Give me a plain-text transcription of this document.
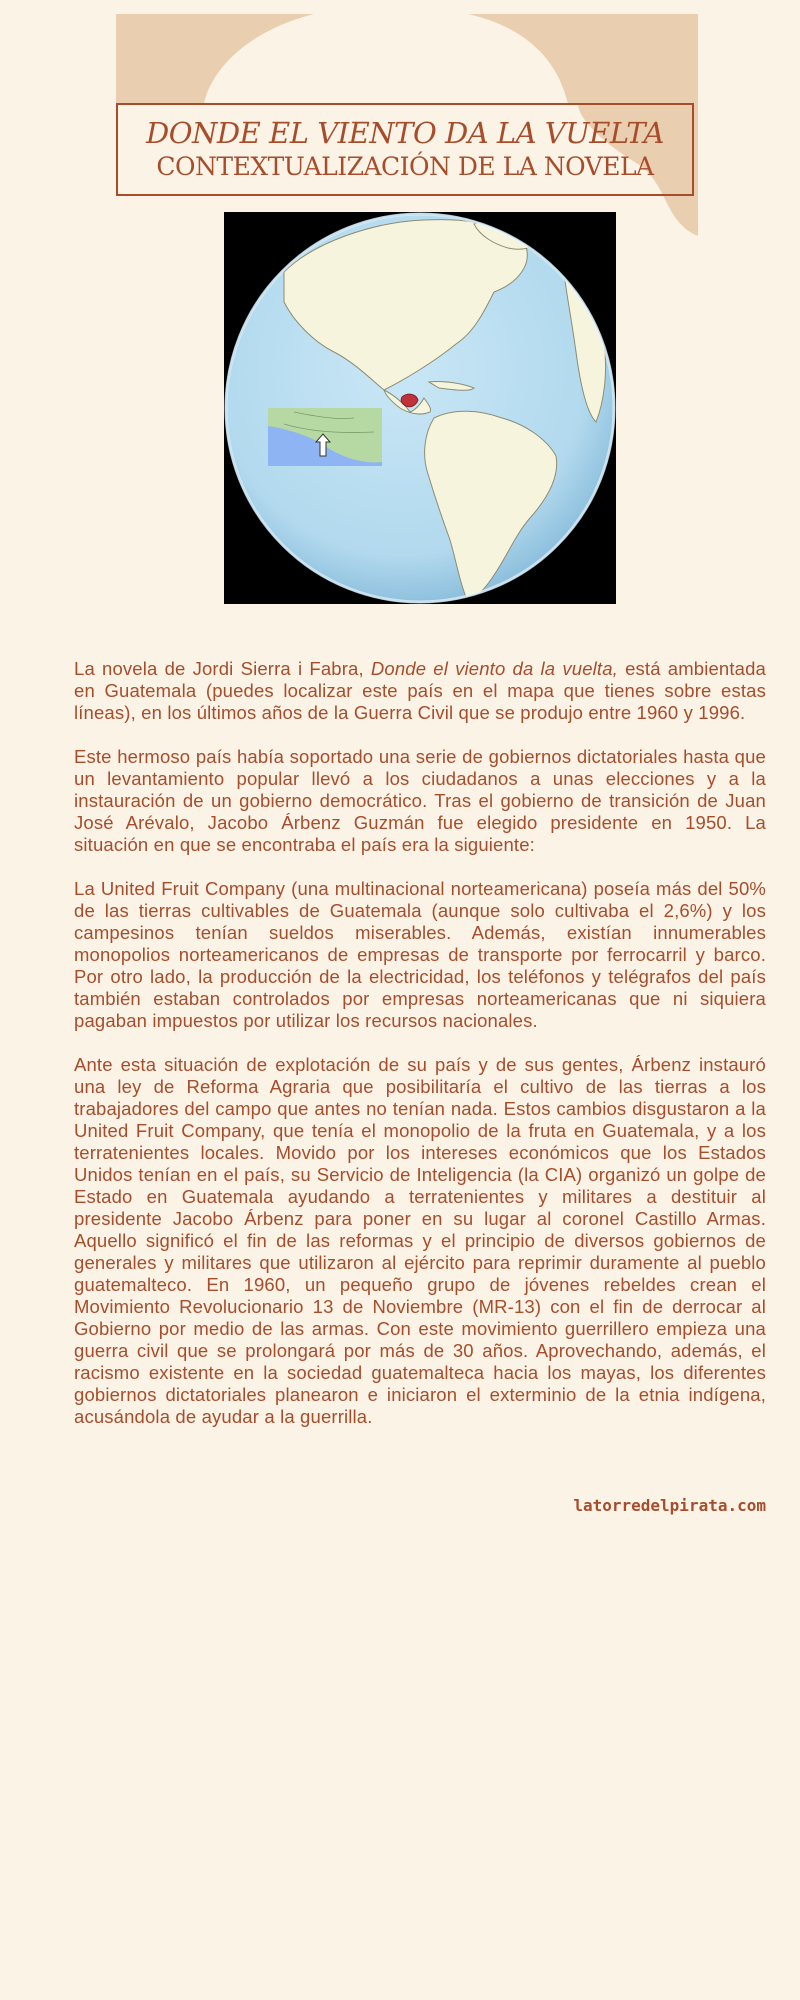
DONDE EL VIENTO DA LA VUELTA
CONTEXTUALIZACIÓN DE LA NOVELA

La novela de Jordi Sierra i Fabra, Donde el viento da la vuelta, está ambientada en Guatemala (puedes localizar este país en el mapa que tienes sobre estas líneas), en los últimos años de la Guerra Civil que se produjo entre 1960 y 1996.

Este hermoso país había soportado una serie de gobiernos dictatoriales hasta que un levantamiento popular llevó a los ciudadanos a unas elecciones y a la instauración de un gobierno democrático. Tras el gobierno de transición de Juan José Arévalo, Jacobo Árbenz Guzmán fue elegido presidente en 1950. La situación en que se encontraba el país era la siguiente:

La United Fruit Company (una multinacional norteamericana) poseía más del 50% de las tierras cultivables de Guatemala (aunque solo cultivaba el 2,6%) y los campesinos tenían sueldos miserables. Además, existían innumerables monopolios norteamericanos de empresas de transporte por ferrocarril y barco. Por otro lado, la producción de la electricidad, los teléfonos y telégrafos del país también estaban controlados por empresas norteamericanas que ni siquiera pagaban impuestos por utilizar los recursos nacionales.

Ante esta situación de explotación de su país y de sus gentes, Árbenz instauró una ley de Reforma Agraria que posibilitaría el cultivo de las tierras a los trabajadores del campo que antes no tenían nada. Estos cambios disgustaron a la United Fruit Company, que tenía el monopolio de la fruta en Guatemala, y a los terratenientes locales. Movido por los intereses económicos que los Estados Unidos tenían en el país, su Servicio de Inteligencia (la CIA) organizó un golpe de Estado en Guatemala ayudando a terratenientes y militares a destituir al presidente Jacobo Árbenz para poner en su lugar al coronel Castillo Armas. Aquello significó el fin de las reformas y el principio de diversos gobiernos de generales y militares que utilizaron al ejército para reprimir duramente al pueblo guatemalteco. En 1960, un pequeño grupo de jóvenes rebeldes crean el Movimiento Revolucionario 13 de Noviembre (MR-13) con el fin de derrocar al Gobierno por medio de las armas. Con este movimiento guerrillero empieza una guerra civil que se prolongará por más de 30 años. Aprovechando, además, el racismo existente en la sociedad guatemalteca hacia los mayas, los diferentes gobiernos dictatoriales planearon e iniciaron el exterminio de la etnia indígena, acusándola de ayudar a la guerrilla.

latorredelpirata.com
